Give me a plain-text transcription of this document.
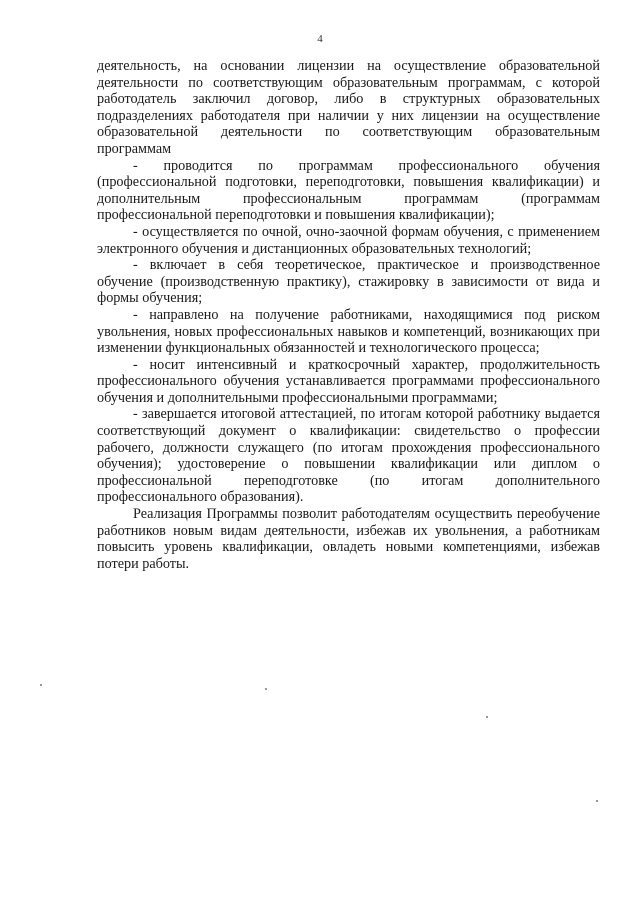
4

деятельность, на основании лицензии на осуществление образовательной деятельности по соответствующим образовательным программам, с которой работодатель заключил договор, либо в структурных образовательных подразделениях работодателя при наличии у них лицензии на осуществление образовательной деятельности по соответствующим образовательным программам

- проводится по программам профессионального обучения (профессиональной подготовки, переподготовки, повышения квалификации) и дополнительным профессиональным программам (программам профессиональной переподготовки и повышения квалификации);

- осуществляется по очной, очно-заочной формам обучения, с применением электронного обучения и дистанционных образовательных технологий;

- включает в себя теоретическое, практическое и производственное обучение (производственную практику), стажировку в зависимости от вида и формы обучения;

- направлено на получение работниками, находящимися под риском увольнения, новых профессиональных навыков и компетенций, возникающих при изменении функциональных обязанностей и технологического процесса;

- носит интенсивный и краткосрочный характер, продолжительность профессионального обучения устанавливается программами профессионального обучения и дополнительными профессиональными программами;

- завершается итоговой аттестацией, по итогам которой работнику выдается соответствующий документ о квалификации: свидетельство о профессии рабочего, должности служащего (по итогам прохождения профессионального обучения); удостоверение о повышении квалификации или диплом о профессиональной переподготовке (по итогам дополнительного профессионального образования).

Реализация Программы позволит работодателям осуществить переобучение работников новым видам деятельности, избежав их увольнения, а работникам повысить уровень квалификации, овладеть новыми компетенциями, избежав потери работы.
